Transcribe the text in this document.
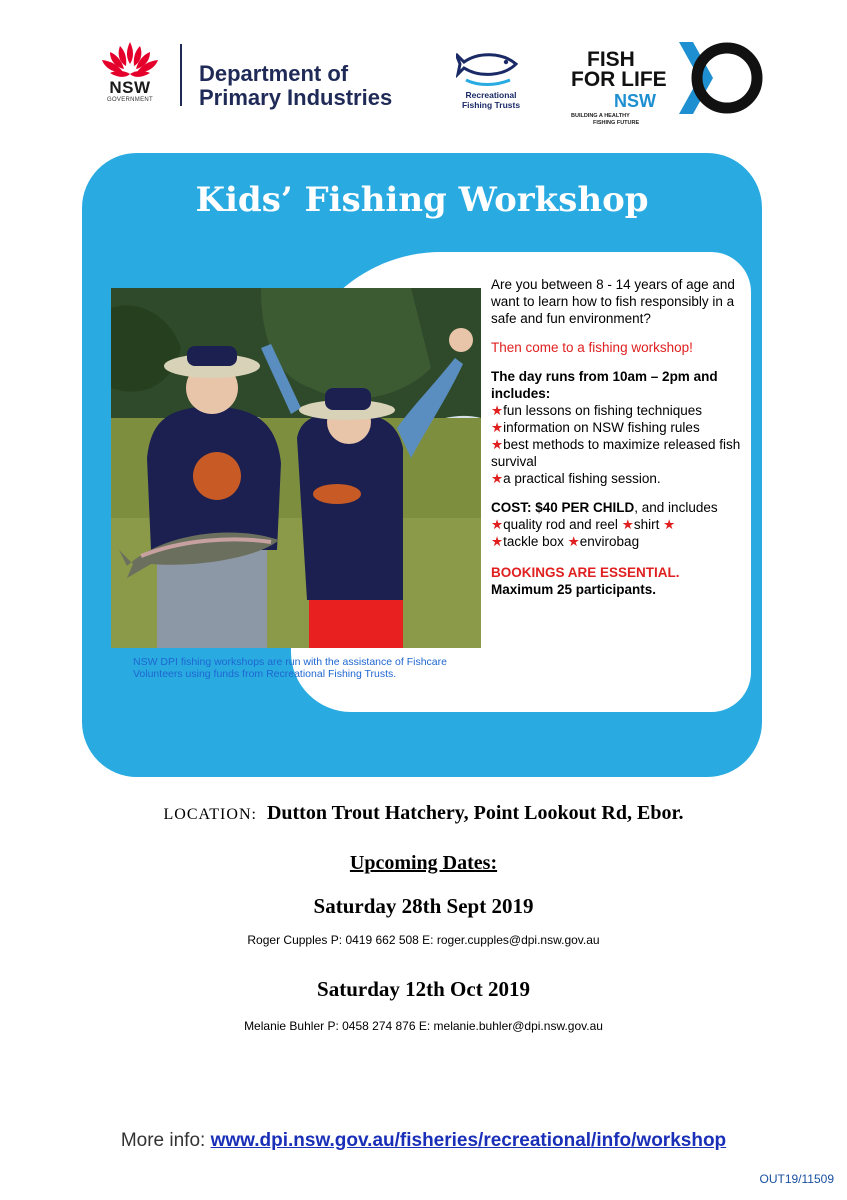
NSW
GOVERNMENT
Department of
Primary Industries	Recreational
Fishing Trusts
FISH
FOR LIFE
NSW
BUILDING A HEALTHY
FISHING FUTURE
Kids’ Fishing Workshop
NSW DPI fishing workshops are run with the assistance of Fishcare Volunteers using funds from Recreational Fishing Trusts.

Are you between 8 - 14 years of age and want to learn how to fish responsibly in a safe and fun environment?

Then come to a fishing workshop!

The day runs from 10am – 2pm and includes:

★fun lessons on fishing techniques
★information on NSW fishing rules
★best methods to maximize released fish survival
★a practical fishing session.

COST: $40 PER CHILD, and includes

★quality rod and reel ★shirt ★
★tackle box ★envirobag

BOOKINGS ARE ESSENTIAL.

Maximum 25 participants.

LOCATION: Dutton Trout Hatchery, Point Lookout Rd, Ebor.
Upcoming Dates:
Saturday 28th Sept 2019
Roger Cupples P: 0419 662 508 E: roger.cupples@dpi.nsw.gov.au
Saturday 12th Oct 2019
Melanie Buhler P: 0458 274 876 E: melanie.buhler@dpi.nsw.gov.au
More info: www.dpi.nsw.gov.au/fisheries/recreational/info/workshop
OUT19/11509
